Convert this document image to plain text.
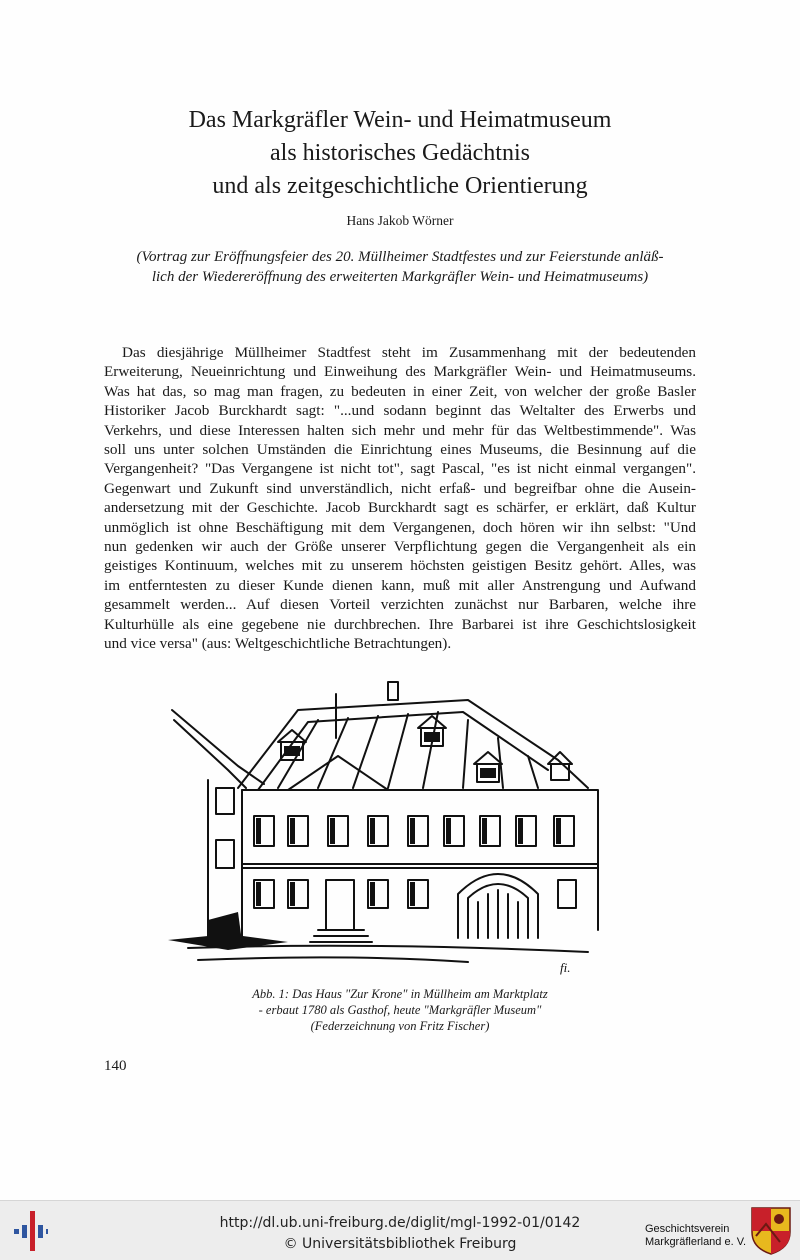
Das Markgräfler Wein- und Heimatmuseum
als historisches Gedächtnis
und als zeitgeschichtliche Orientierung
Hans Jakob Wörner
(Vortrag zur Eröffnungsfeier des 20. Müllheimer Stadtfestes und zur Feierstunde anläß-
lich der Wiedereröffnung des erweiterten Markgräfler Wein- und Heimatmuseums)
Das diesjährige Müllheimer Stadtfest steht im Zusammenhang mit der bedeutenden
Erweiterung, Neueinrichtung und Einweihung des Markgräfler Wein- und Heimatmuseums.
Was hat das, so mag man fragen, zu bedeuten in einer Zeit, von welcher der große Basler
Historiker Jacob Burckhardt sagt: "...und sodann beginnt das Weltalter des Erwerbs und
Verkehrs, und diese Interessen halten sich mehr und mehr für das Weltbestimmende". Was
soll uns unter solchen Umständen die Einrichtung eines Museums, die Besinnung auf die
Vergangenheit? "Das Vergangene ist nicht tot", sagt Pascal, "es ist nicht einmal vergangen".
Gegenwart und Zukunft sind unverständlich, nicht erfaß- und begreifbar ohne die Ausein-
andersetzung mit der Geschichte. Jacob Burckhardt sagt es schärfer, er erklärt, daß Kultur
unmöglich ist ohne Beschäftigung mit dem Vergangenen, doch hören wir ihn selbst: "Und
nun gedenken wir auch der Größe unserer Verpflichtung gegen die Vergangenheit als ein
geistiges Kontinuum, welches mit zu unserem höchsten geistigen Besitz gehört. Alles, was
im entferntesten zu dieser Kunde dienen kann, muß mit aller Anstrengung und Aufwand
gesammelt werden... Auf diesen Vorteil verzichten zunächst nur Barbaren, welche ihre
Kulturhülle als eine gegebene nie durchbrechen. Ihre Barbarei ist ihre Geschichtslosigkeit
und vice versa" (aus: Weltgeschichtliche Betrachtungen).
fi.
Abb. 1: Das Haus "Zur Krone" in Müllheim am Marktplatz
- erbaut 1780 als Gasthof, heute "Markgräfler Museum"
(Federzeichnung von Fritz Fischer)
140
http://dl.ub.uni-freiburg.de/diglit/mgl-1992-01/0142
© Universitätsbibliothek Freiburg
Geschichtsverein
Markgräflerland e. V.
